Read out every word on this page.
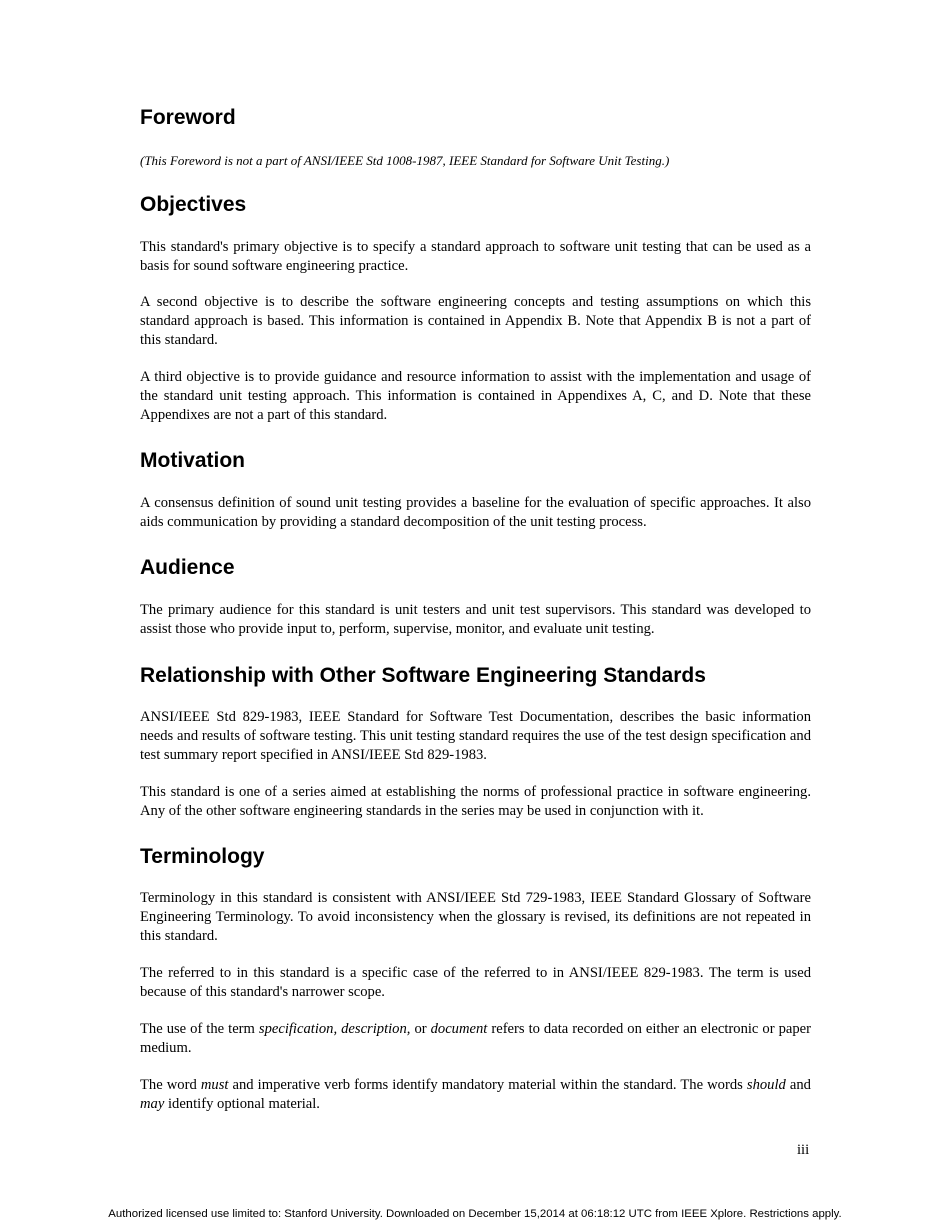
Foreword

(This Foreword is not a part of ANSI/IEEE Std 1008-1987, IEEE Standard for Software Unit Testing.)

Objectives

This standard's primary objective is to specify a standard approach to software unit testing that can be used as a basis for sound software engineering practice.

A second objective is to describe the software engineering concepts and testing assumptions on which this standard approach is based. This information is contained in Appendix B. Note that Appendix B is not a part of this standard.

A third objective is to provide guidance and resource information to assist with the implementation and usage of the standard unit testing approach. This information is contained in Appendixes A, C, and D. Note that these Appendixes are not a part of this standard.

Motivation

A consensus definition of sound unit testing provides a baseline for the evaluation of specific approaches. It also aids communication by providing a standard decomposition of the unit testing process.

Audience

The primary audience for this standard is unit testers and unit test supervisors. This standard was developed to assist those who provide input to, perform, supervise, monitor, and evaluate unit testing.

Relationship with Other Software Engineering Standards

ANSI/IEEE Std 829-1983, IEEE Standard for Software Test Documentation, describes the basic information needs and results of software testing. This unit testing standard requires the use of the test design specification and test summary report specified in ANSI/IEEE Std 829-1983.

This standard is one of a series aimed at establishing the norms of professional practice in software engineering. Any of the other software engineering standards in the series may be used in conjunction with it.

Terminology

Terminology in this standard is consistent with ANSI/IEEE Std 729-1983, IEEE Standard Glossary of Software Engineering Terminology. To avoid inconsistency when the glossary is revised, its definitions are not repeated in this standard.

The referred to in this standard is a specific case of the referred to in ANSI/IEEE 829-1983. The term is used because of this standard's narrower scope.

The use of the term specification, description, or document refers to data recorded on either an electronic or paper medium.

The word must and imperative verb forms identify mandatory material within the standard. The words should and may identify optional material.

iii
Authorized licensed use limited to: Stanford University. Downloaded on December 15,2014 at 06:18:12 UTC from IEEE Xplore. Restrictions apply.
